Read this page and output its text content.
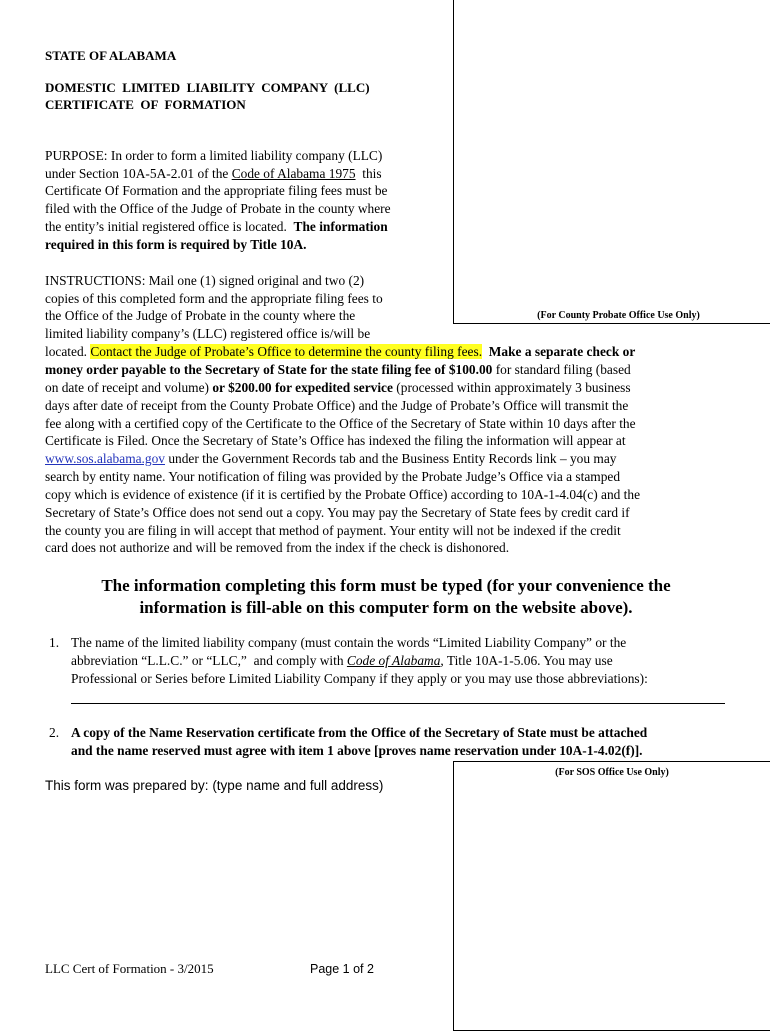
(For County Probate Office Use Only)
STATE OF ALABAMA
DOMESTIC  LIMITED  LIABILITY  COMPANY  (LLC)
CERTIFICATE  OF  FORMATION
PURPOSE: In order to form a limited liability company (LLC)
under Section 10A-5A-2.01 of the Code of Alabama 1975  this
Certificate Of Formation and the appropriate filing fees must be
filed with the Office of the Judge of Probate in the county where
the entity’s initial registered office is located.  The information
required in this form is required by Title 10A.
INSTRUCTIONS: Mail one (1) signed original and two (2)
copies of this completed form and the appropriate filing fees to
the Office of the Judge of Probate in the county where the
limited liability company’s (LLC) registered office is/will be
located. Contact the Judge of Probate’s Office to determine the county filing fees.  Make a separate check or
money order payable to the Secretary of State for the state filing fee of $100.00 for standard filing (based
on date of receipt and volume) or $200.00 for expedited service (processed within approximately 3 business
days after date of receipt from the County Probate Office) and the Judge of Probate’s Office will transmit the
fee along with a certified copy of the Certificate to the Office of the Secretary of State within 10 days after the
Certificate is Filed. Once the Secretary of State’s Office has indexed the filing the information will appear at
www.sos.alabama.gov under the Government Records tab and the Business Entity Records link – you may
search by entity name. Your notification of filing was provided by the Probate Judge’s Office via a stamped
copy which is evidence of existence (if it is certified by the Probate Office) according to 10A-1-4.04(c) and the
Secretary of State’s Office does not send out a copy. You may pay the Secretary of State fees by credit card if
the county you are filing in will accept that method of payment. Your entity will not be indexed if the credit
card does not authorize and will be removed from the index if the check is dishonored.
The information completing this form must be typed (for your convenience the
information is fill-able on this computer form on the website above).
1. The name of the limited liability company (must contain the words “Limited Liability Company” or the
abbreviation “L.L.C.” or “LLC,”  and comply with Code of Alabama, Title 10A-1-5.06. You may use
Professional or Series before Limited Liability Company if they apply or you may use those abbreviations):
2. A copy of the Name Reservation certificate from the Office of the Secretary of State must be attached
and the name reserved must agree with item 1 above [proves name reservation under 10A-1-4.02(f)].
(For SOS Office Use Only)
This form was prepared by: (type name and full address)
LLC Cert of Formation - 3/2015	Page 1 of 2
